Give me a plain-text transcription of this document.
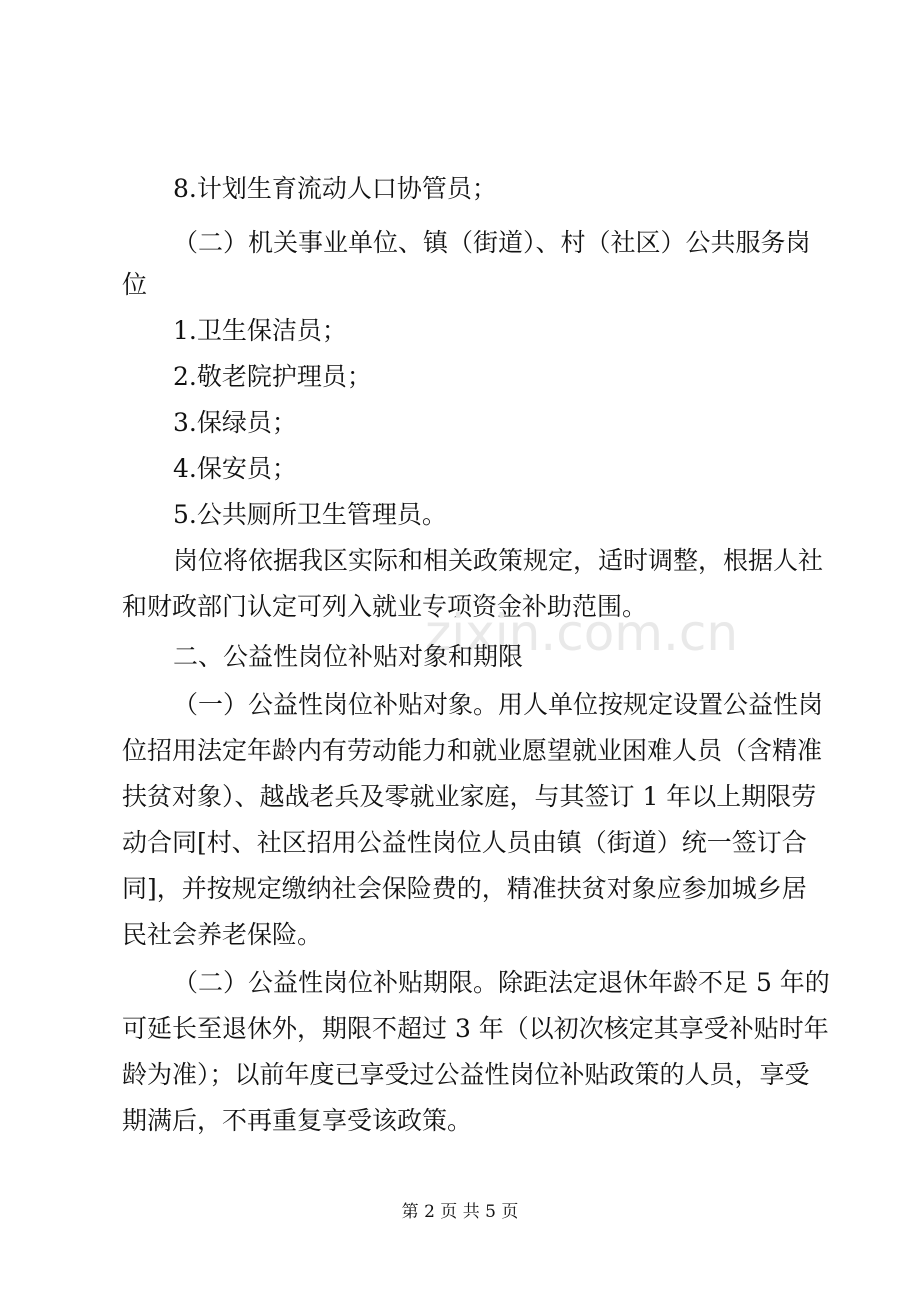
8.计划生育流动人口协管员；
（二）机关事业单位、镇（街道）、村（社区）公共服务岗
位
1.卫生保洁员；
2.敬老院护理员；
3.保绿员；
4.保安员；
5.公共厕所卫生管理员。
岗位将依据我区实际和相关政策规定，适时调整，根据人社
和财政部门认定可列入就业专项资金补助范围。
zixin.com.cn
二、公益性岗位补贴对象和期限
（一）公益性岗位补贴对象。用人单位按规定设置公益性岗
位招用法定年龄内有劳动能力和就业愿望就业困难人员（含精准
扶贫对象）、越战老兵及零就业家庭，与其签订 1 年以上期限劳
动合同[村、社区招用公益性岗位人员由镇（街道）统一签订合
同]，并按规定缴纳社会保险费的，精准扶贫对象应参加城乡居
民社会养老保险。
（二）公益性岗位补贴期限。除距法定退休年龄不足 5 年的
可延长至退休外，期限不超过 3 年（以初次核定其享受补贴时年
龄为准）；以前年度已享受过公益性岗位补贴政策的人员，享受
期满后，不再重复享受该政策。
第 2 页 共 5 页
